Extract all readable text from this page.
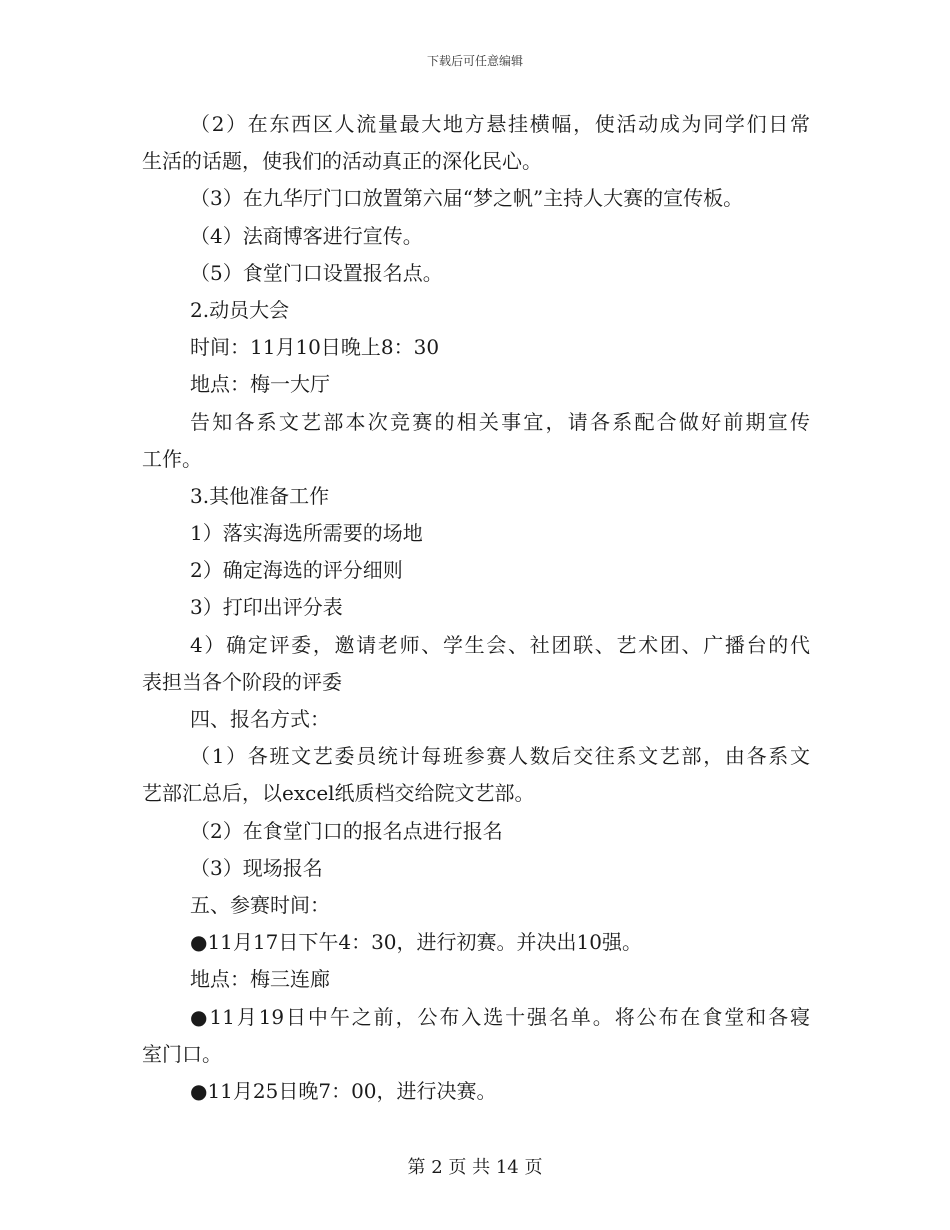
下载后可任意编辑
（2）在东西区人流量最大地方悬挂横幅，使活动成为同学们日常
生活的话题，使我们的活动真正的深化民心。
（3）在九华厅门口放置第六届“梦之帆”主持人大赛的宣传板。
（4）法商博客进行宣传。
（5）食堂门口设置报名点。
2.动员大会
时间：11月10日晚上8：30
地点：梅一大厅
告知各系文艺部本次竞赛的相关事宜，请各系配合做好前期宣传
工作。
3.其他准备工作
1）落实海选所需要的场地
2）确定海选的评分细则
3）打印出评分表
4）确定评委，邀请老师、学生会、社团联、艺术团、广播台的代
表担当各个阶段的评委
四、报名方式：
（1）各班文艺委员统计每班参赛人数后交往系文艺部，由各系文
艺部汇总后，以excel纸质档交给院文艺部。
（2）在食堂门口的报名点进行报名
（3）现场报名
五、参赛时间：
●11月17日下午4：30，进行初赛。并决出10强。
地点：梅三连廊
●11月19日中午之前，公布入选十强名单。将公布在食堂和各寝
室门口。
●11月25日晚7：00，进行决赛。
第 2 页 共 14 页
